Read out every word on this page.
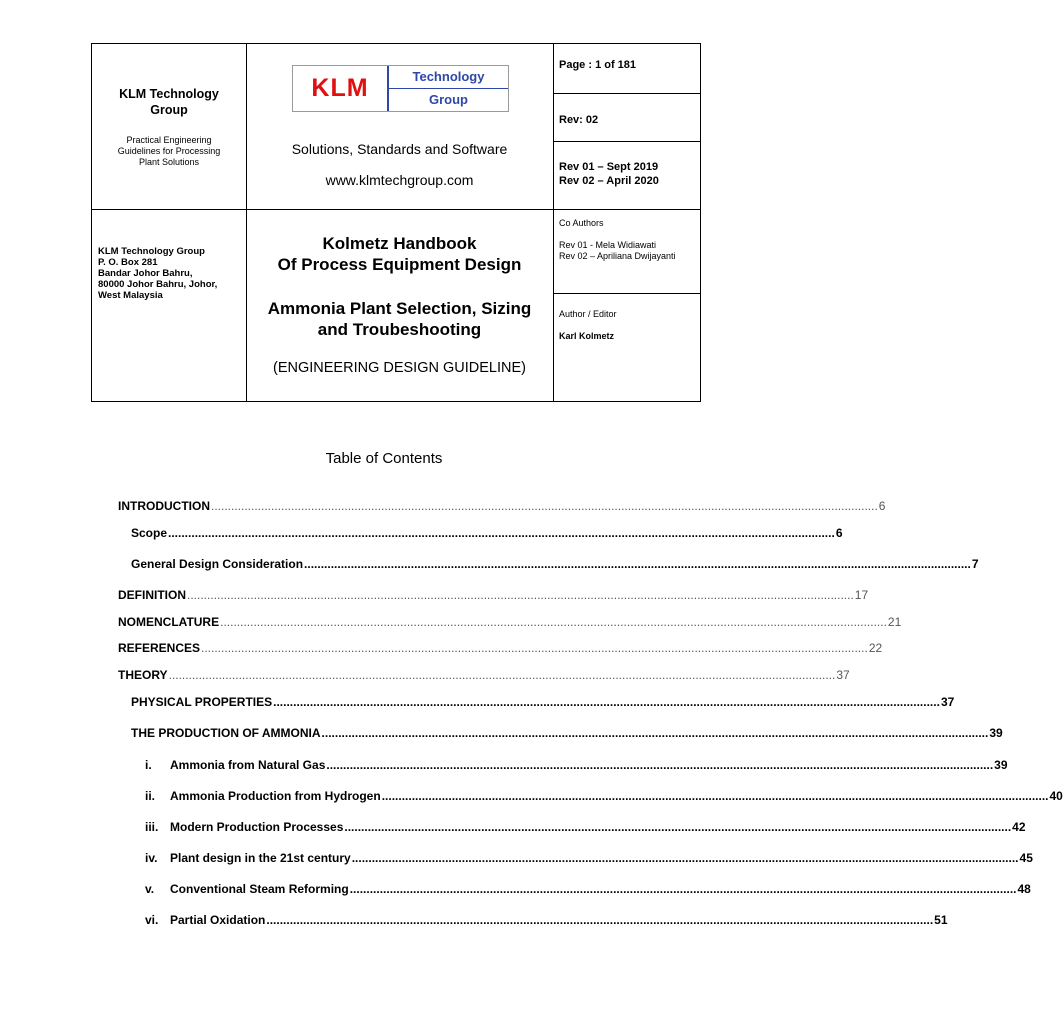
KLM Technology
Group
Practical Engineering
Guidelines for Processing
Plant Solutions
KLM	Technology
Group
Solutions, Standards and Software
www.klmtechgroup.com
Page : 1 of 181
Rev: 02
Rev 01 – Sept 2019
Rev 02 – April 2020
KLM Technology Group
P. O. Box 281
Bandar Johor Bahru,
80000 Johor Bahru, Johor,
West Malaysia
Kolmetz Handbook
Of Process Equipment Design
Ammonia Plant Selection, Sizing
and Troubeshooting
(ENGINEERING DESIGN GUIDELINE)
Co Authors
Rev 01 - Mela Widiawati
Rev 02 – Apriliana Dwijayanti
Author / Editor
Karl Kolmetz
Table of Contents
INTRODUCTION ........................................................................................................................................................................................................ 6
Scope ........................................................................................................................................................................................................ 6
General Design Consideration ........................................................................................................................................................................................................ 7
DEFINITION ........................................................................................................................................................................................................ 17
NOMENCLATURE ........................................................................................................................................................................................................ 21
REFERENCES ........................................................................................................................................................................................................ 22
THEORY ........................................................................................................................................................................................................ 37
PHYSICAL PROPERTIES ........................................................................................................................................................................................................ 37
THE PRODUCTION OF AMMONIA ........................................................................................................................................................................................................ 39
i.	Ammonia from Natural Gas ........................................................................................................................................................................................................ 39
ii.	Ammonia Production from Hydrogen ........................................................................................................................................................................................................ 40
iii. Modern Production Processes ........................................................................................................................................................................................................ 42
iv.	Plant design in the 21st century ........................................................................................................................................................................................................ 45
v.	Conventional Steam Reforming ........................................................................................................................................................................................................ 48
vi. Partial Oxidation ........................................................................................................................................................................................................ 51
